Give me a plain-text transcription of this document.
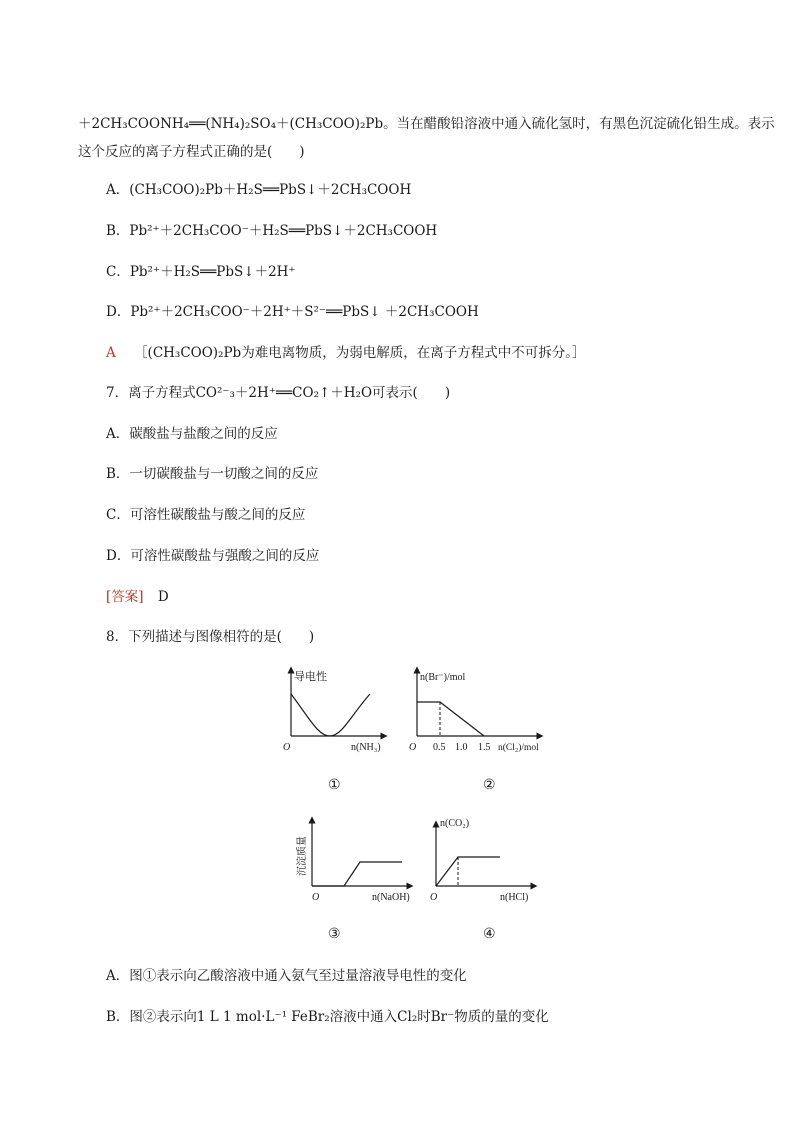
＋2CH₃COONH₄══(NH₄)₂SO₄＋(CH₃COO)₂Pb。当在醋酸铅溶液中通入硫化氢时，有黑色沉淀硫化铅生成。表示
这个反应的离子方程式正确的是(　　)
A．(CH₃COO)₂Pb＋H₂S══PbS↓＋2CH₃COOH
B．Pb²⁺＋2CH₃COO⁻＋H₂S══PbS↓＋2CH₃COOH
C．Pb²⁺＋H₂S══PbS↓＋2H⁺
D．Pb²⁺＋2CH₃COO⁻＋2H⁺＋S²⁻══PbS↓ ＋2CH₃COOH
A ［(CH₃COO)₂Pb为难电离物质，为弱电解质，在离子方程式中不可拆分。］
7．离子方程式CO²⁻₃＋2H⁺══CO₂↑＋H₂O可表示(　　)
A．碳酸盐与盐酸之间的反应
B．一切碳酸盐与一切酸之间的反应
C．可溶性碳酸盐与酸之间的反应
D．可溶性碳酸盐与强酸之间的反应
[答案] D
8．下列描述与图像相符的是(　　)
导电性
O	n(NH₃)
①
n(Br⁻)/mol
O 0.5 1.0 1.5 n(Cl₂)/mol
②
沉淀质量
O	n(NaOH)
③
n(CO₂)
O	n(HCl)
④
A．图①表示向乙酸溶液中通入氨气至过量溶液导电性的变化
B．图②表示向1 L 1 mol·L⁻¹ FeBr₂溶液中通入Cl₂时Br⁻物质的量的变化
